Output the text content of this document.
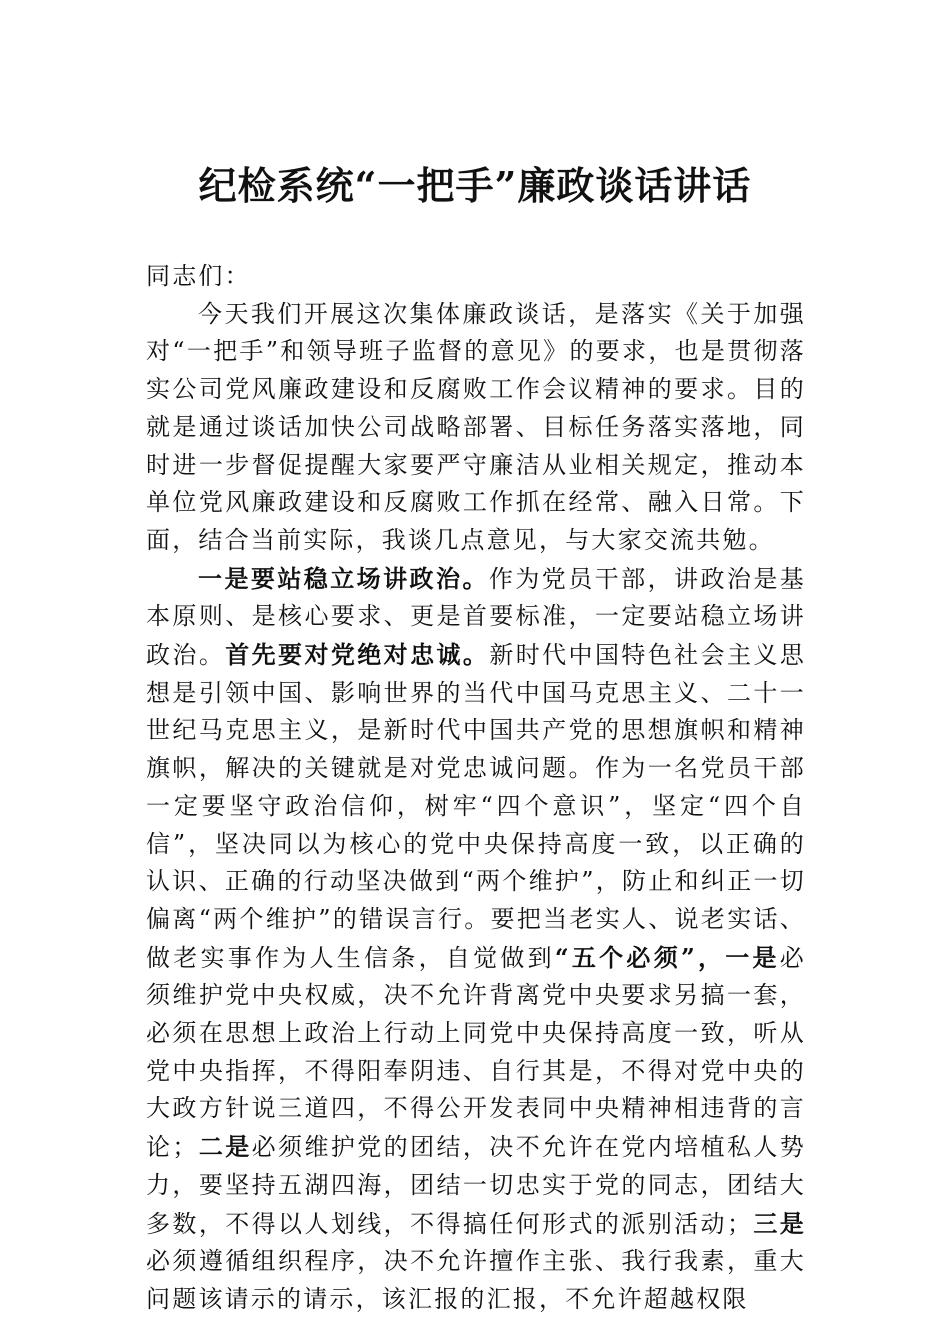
纪检系统“一把手”廉政谈话讲话

同志们：

今天我们开展这次集体廉政谈话，是落实《关于加强对“一把手”和领导班子监督的意见》的要求，也是贯彻落实公司党风廉政建设和反腐败工作会议精神的要求。目的就是通过谈话加快公司战略部署、目标任务落实落地，同时进一步督促提醒大家要严守廉洁从业相关规定，推动本单位党风廉政建设和反腐败工作抓在经常、融入日常。下面，结合当前实际，我谈几点意见，与大家交流共勉。

一是要站稳立场讲政治。作为党员干部，讲政治是基本原则、是核心要求、更是首要标准，一定要站稳立场讲政治。首先要对党绝对忠诚。新时代中国特色社会主义思想是引领中国、影响世界的当代中国马克思主义、二十一世纪马克思主义，是新时代中国共产党的思想旗帜和精神旗帜，解决的关键就是对党忠诚问题。作为一名党员干部一定要坚守政治信仰，树牢“四个意识”，坚定“四个自信”，坚决同以为核心的党中央保持高度一致，以正确的认识、正确的行动坚决做到“两个维护”，防止和纠正一切偏离“两个维护”的错误言行。要把当老实人、说老实话、做老实事作为人生信条，自觉做到“五个必须”，一是必须维护党中央权威，决不允许背离党中央要求另搞一套，必须在思想上政治上行动上同党中央保持高度一致，听从党中央指挥，不得阳奉阴违、自行其是，不得对党中央的大政方针说三道四，不得公开发表同中央精神相违背的言论；二是必须维护党的团结，决不允许在党内培植私人势力，要坚持五湖四海，团结一切忠实于党的同志，团结大多数，不得以人划线，不得搞任何形式的派别活动；三是必须遵循组织程序，决不允许擅作主张、我行我素，重大问题该请示的请示，该汇报的汇报，不允许超越权限
